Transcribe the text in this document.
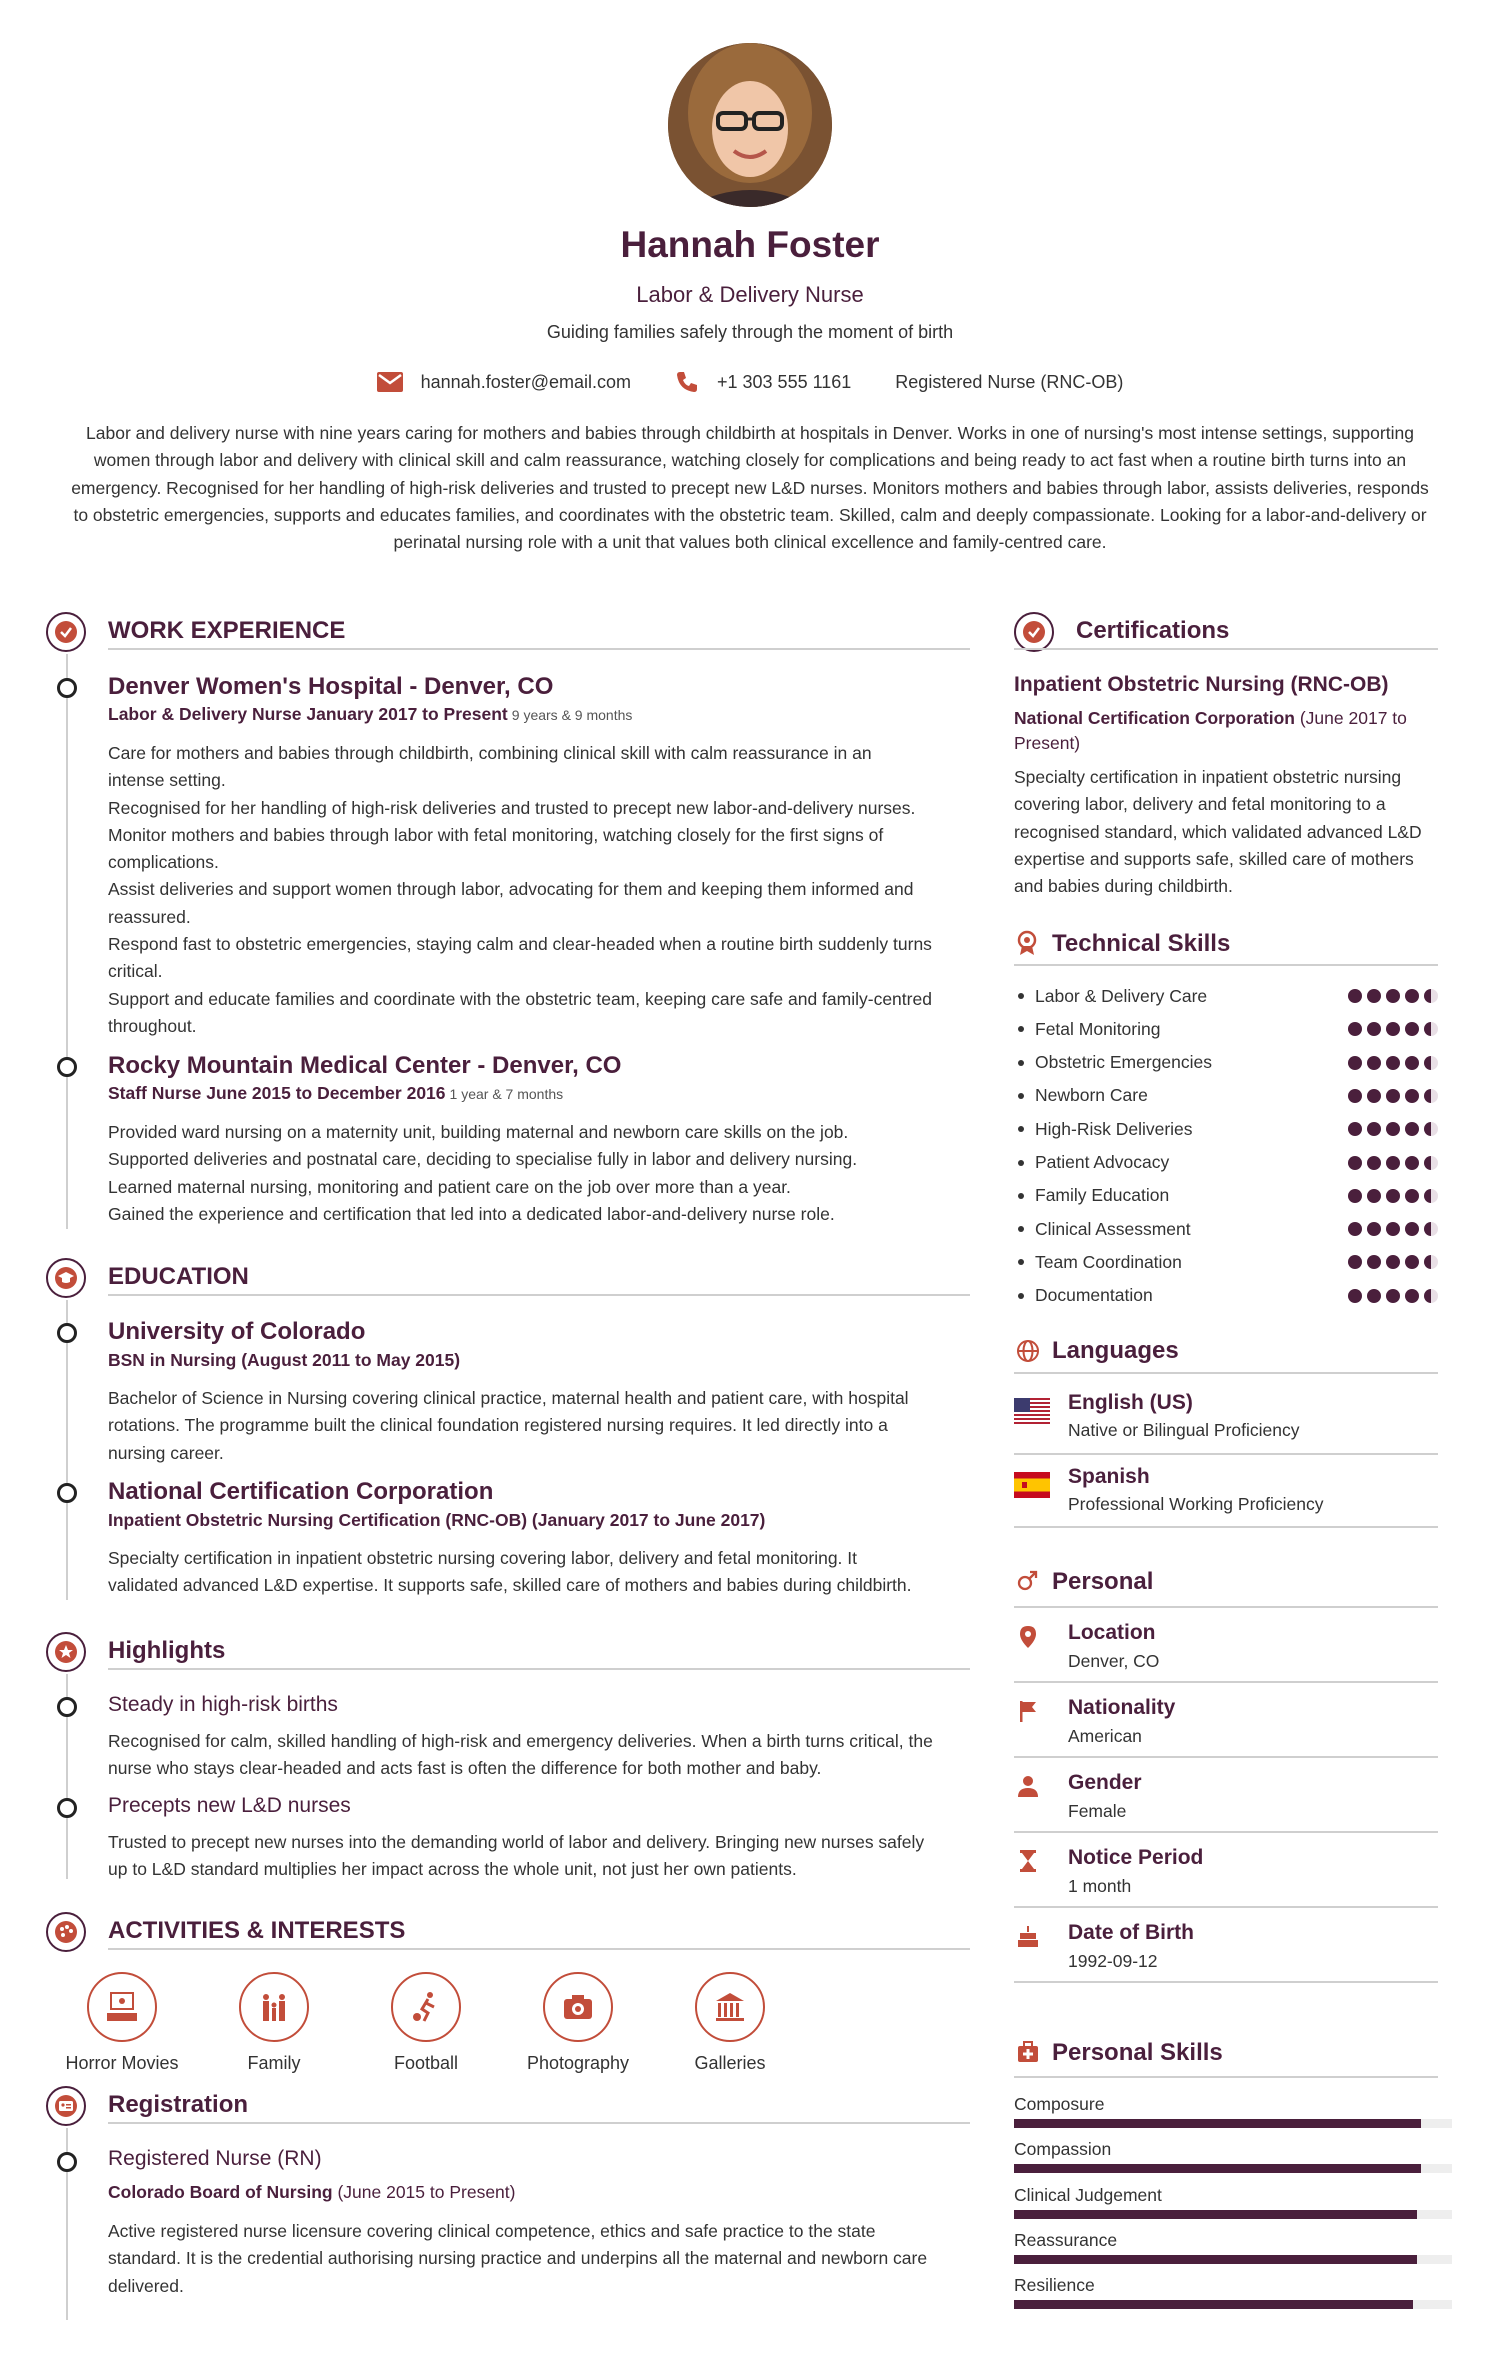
Hannah Foster
Labor & Delivery Nurse
Guiding families safely through the moment of birth
hannah.foster@email.com	+1 303 555 1161 Registered Nurse (RNC-OB)
Labor and delivery nurse with nine years caring for mothers and babies through childbirth at hospitals in Denver. Works in one of nursing's most intense settings, supporting women through labor and delivery with clinical skill and calm reassurance, watching closely for complications and being ready to act fast when a routine birth turns into an emergency. Recognised for her handling of high-risk deliveries and trusted to precept new L&D nurses. Monitors mothers and babies through labor, assists deliveries, responds to obstetric emergencies, supports and educates families, and coordinates with the obstetric team. Skilled, calm and deeply compassionate. Looking for a labor-and-delivery or perinatal nursing role with a unit that values both clinical excellence and family-centred care.
WORK EXPERIENCE
Denver Women's Hospital - Denver, CO
Labor & Delivery Nurse January 2017 to Present 9 years & 9 months
Care for mothers and babies through childbirth, combining clinical skill with calm reassurance in an
intense setting.
Recognised for her handling of high-risk deliveries and trusted to precept new labor-and-delivery nurses.
Monitor mothers and babies through labor with fetal monitoring, watching closely for the first signs of
complications.
Assist deliveries and support women through labor, advocating for them and keeping them informed and
reassured.
Respond fast to obstetric emergencies, staying calm and clear-headed when a routine birth suddenly turns
critical.
Support and educate families and coordinate with the obstetric team, keeping care safe and family-centred
throughout.
Rocky Mountain Medical Center - Denver, CO
Staff Nurse June 2015 to December 2016 1 year & 7 months
Provided ward nursing on a maternity unit, building maternal and newborn care skills on the job.
Supported deliveries and postnatal care, deciding to specialise fully in labor and delivery nursing.
Learned maternal nursing, monitoring and patient care on the job over more than a year.
Gained the experience and certification that led into a dedicated labor-and-delivery nurse role.
EDUCATION
University of Colorado
BSN in Nursing (August 2011 to May 2015)
Bachelor of Science in Nursing covering clinical practice, maternal health and patient care, with hospital
rotations. The programme built the clinical foundation registered nursing requires. It led directly into a
nursing career.
National Certification Corporation
Inpatient Obstetric Nursing Certification (RNC-OB) (January 2017 to June 2017)
Specialty certification in inpatient obstetric nursing covering labor, delivery and fetal monitoring. It
validated advanced L&D expertise. It supports safe, skilled care of mothers and babies during childbirth.
Highlights
Steady in high-risk births
Recognised for calm, skilled handling of high-risk and emergency deliveries. When a birth turns critical, the
nurse who stays clear-headed and acts fast is often the difference for both mother and baby.
Precepts new L&D nurses
Trusted to precept new nurses into the demanding world of labor and delivery. Bringing new nurses safely
up to L&D standard multiplies her impact across the whole unit, not just her own patients.
ACTIVITIES & INTERESTS
Horror Movies	Family	Football	Photography	Galleries
Registration
Registered Nurse (RN)
Colorado Board of Nursing (June 2015 to Present)
Active registered nurse licensure covering clinical competence, ethics and safe practice to the state
standard. It is the credential authorising nursing practice and underpins all the maternal and newborn care
delivered.
Certifications
Inpatient Obstetric Nursing (RNC-OB)
National Certification Corporation (June 2017 to
Present)
Specialty certification in inpatient obstetric nursing
covering labor, delivery and fetal monitoring to a
recognised standard, which validated advanced L&D
expertise and supports safe, skilled care of mothers
and babies during childbirth.
Technical Skills
Labor & Delivery Care
Fetal Monitoring
Obstetric Emergencies
Newborn Care
High-Risk Deliveries
Patient Advocacy
Family Education
Clinical Assessment
Team Coordination
Documentation
Languages
English (US)
Native or Bilingual Proficiency
Spanish
Professional Working Proficiency
Personal
Location
Denver, CO
Nationality
American
Gender
Female
Notice Period
1 month
Date of Birth
1992-09-12
Personal Skills
Composure
Compassion
Clinical Judgement
Reassurance
Resilience
